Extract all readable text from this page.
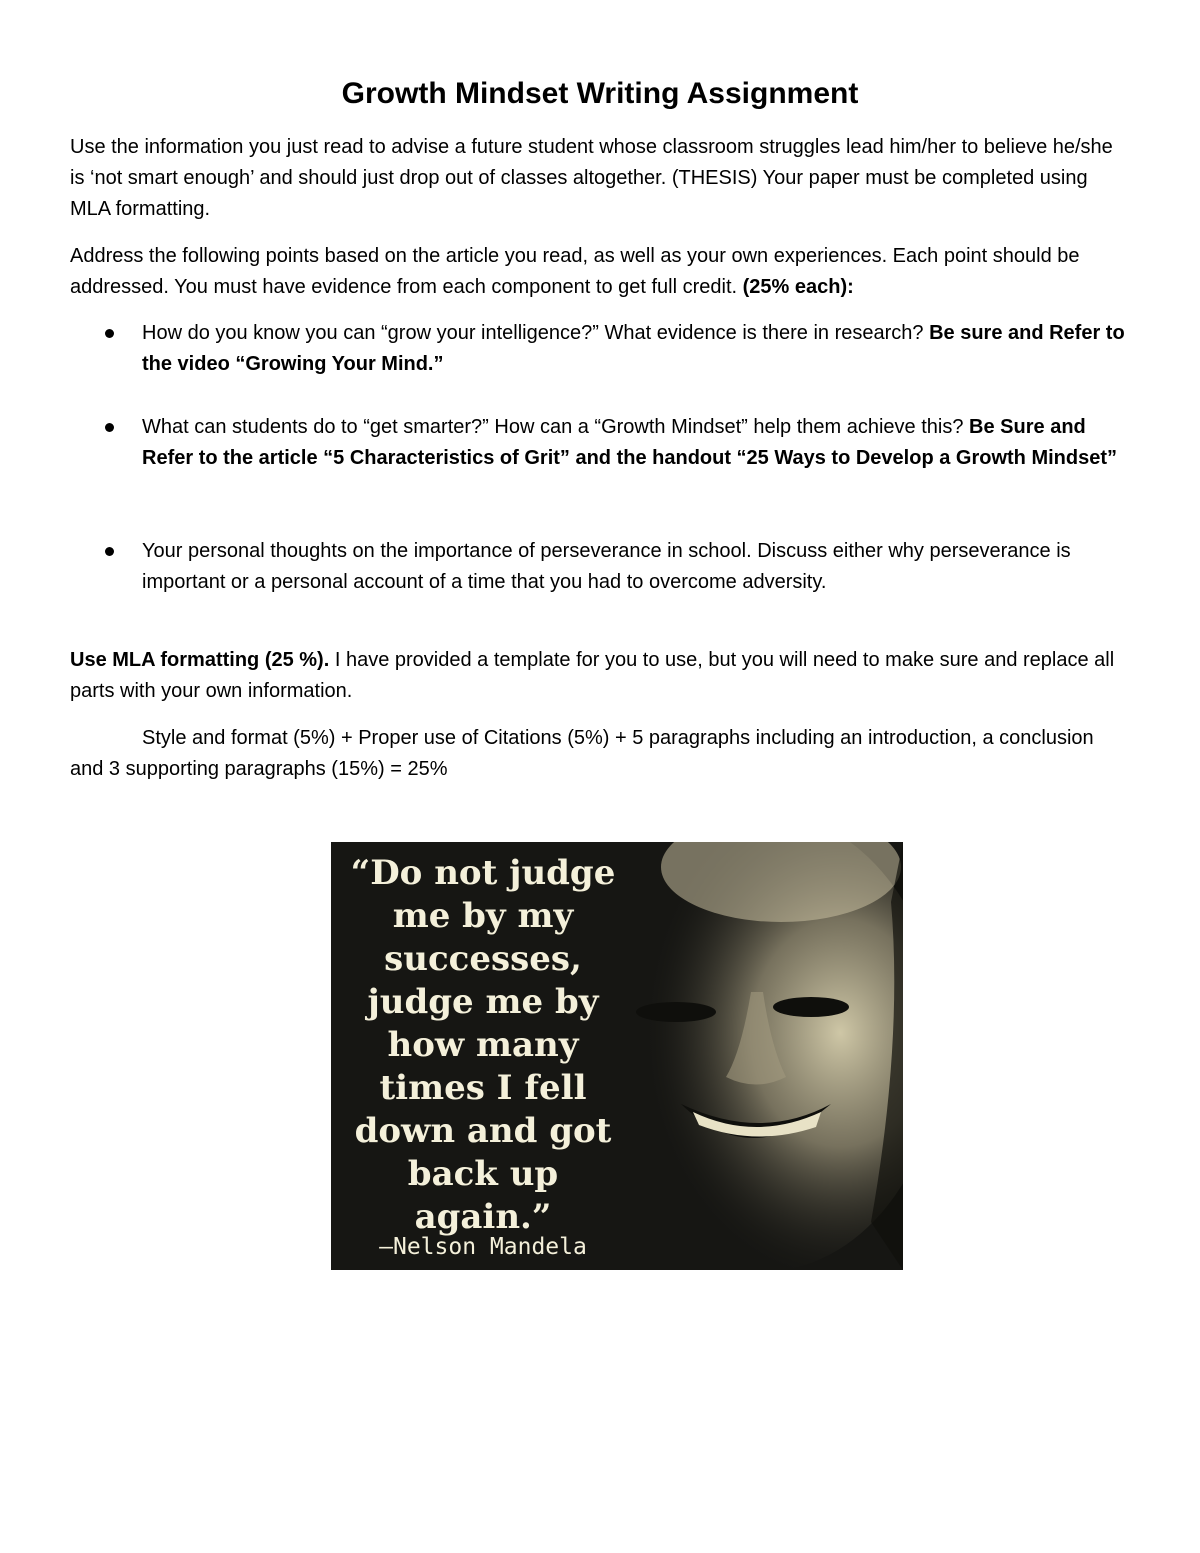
Growth Mindset Writing Assignment
Use the information you just read to advise a future student whose classroom struggles lead him/her to believe he/she is ‘not smart enough’ and should just drop out of classes altogether. (THESIS) Your paper must be completed using MLA formatting.
Address the following points based on the article you read, as well as your own experiences. Each point should be addressed. You must have evidence from each component to get full credit. (25% each):
How do you know you can “grow your intelligence?” What evidence is there in research? Be sure and Refer to the video “Growing Your Mind.”
What can students do to “get smarter?” How can a “Growth Mindset” help them achieve this? Be Sure and Refer to the article “5 Characteristics of Grit” and the handout “25 Ways to Develop a Growth Mindset”
Your personal thoughts on the importance of perseverance in school. Discuss either why perseverance is important or a personal account of a time that you had to overcome adversity.
Use MLA formatting (25 %). I have provided a template for you to use, but you will need to make sure and replace all parts with your own information.
Style and format (5%) + Proper use of Citations (5%) + 5 paragraphs including an introduction, a conclusion and 3 supporting paragraphs (15%) = 25%
“Do not judge
me by my
successes,
judge me by
how many
times I fell
down and got
back up
again.”
–Nelson Mandela
